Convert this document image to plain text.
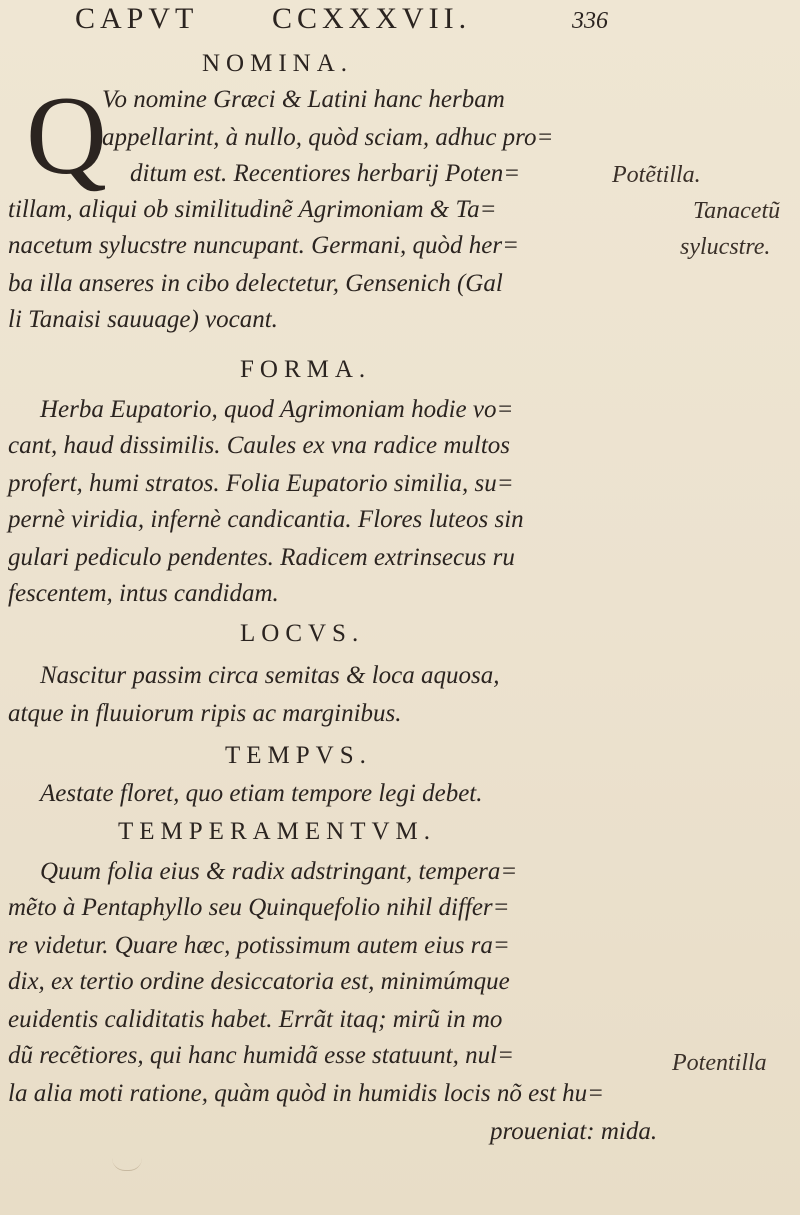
CAPVT CCXXXVII.	336
NOMINA.
Q
Vo nomine Græci & Latini hanc herbam
appellarint, à nullo, quòd sciam, adhuc pro=
ditum est. Recentiores herbarij Poten=
tillam, aliqui ob similitudinẽ Agrimoniam & Ta=
nacetum sylucstre nuncupant. Germani, quòd her=
ba illa anseres in cibo delectetur, Gensenich (Gal
li Tanaisi sauuage) vocant.
FORMA.
Herba Eupatorio, quod Agrimoniam hodie vo=
cant, haud dissimilis. Caules ex vna radice multos
profert, humi stratos. Folia Eupatorio similia, su=
pernè viridia, infernè candicantia. Flores luteos sin
gulari pediculo pendentes. Radicem extrinsecus ru
fescentem, intus candidam.
LOCVS.
Nascitur passim circa semitas & loca aquosa,
atque in fluuiorum ripis ac marginibus.
TEMPVS.
Aestate floret, quo etiam tempore legi debet.
TEMPERAMENTVM.
Quum folia eius & radix adstringant, tempera=
mẽto à Pentaphyllo seu Quinquefolio nihil differ=
re videtur. Quare hæc, potissimum autem eius ra=
dix, ex tertio ordine desiccatoria est, minimúmque
euidentis caliditatis habet. Errãt itaq; mirũ in mo
dũ recẽtiores, qui hanc humidã esse statuunt, nul=
la alia moti ratione, quàm quòd in humidis locis nõ est hu=
proueniat: mida.
Potẽtilla.
Tanacetũ
sylucstre.
Potentilla
